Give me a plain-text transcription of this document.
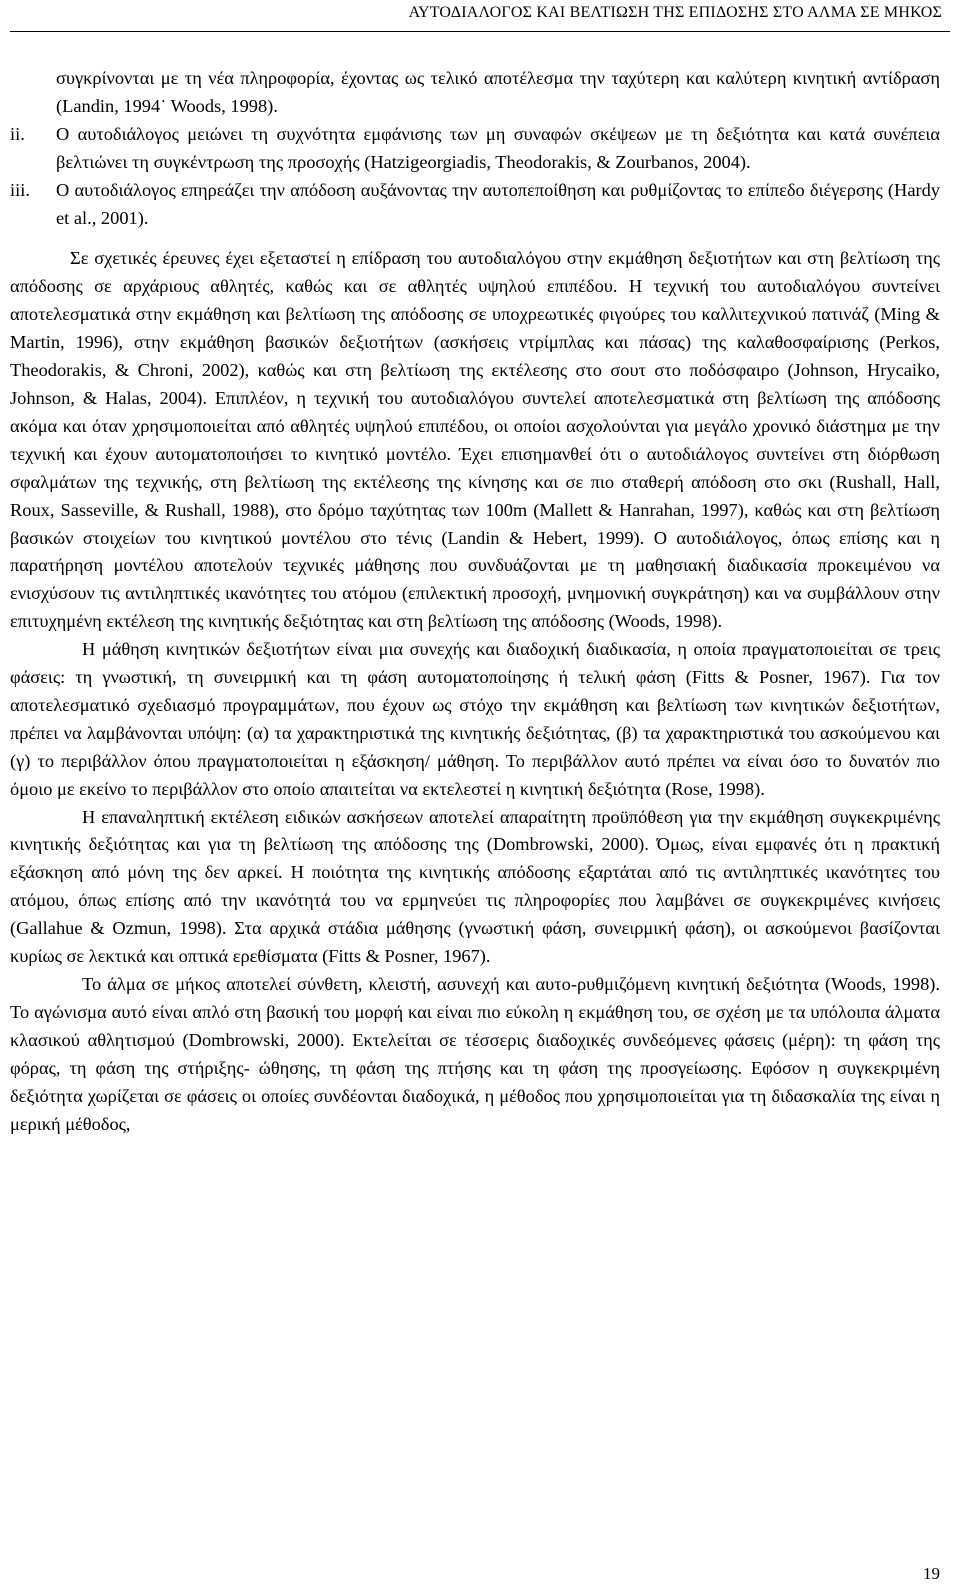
ΑΥΤΟΔΙΑΛΟΓΟΣ ΚΑΙ ΒΕΛΤΙΩΣΗ ΤΗΣ ΕΠΙΔΟΣΗΣ ΣΤΟ ΑΛΜΑ ΣΕ ΜΗΚΟΣ

συγκρίνονται με τη νέα πληροφορία, έχοντας ως τελικό αποτέλεσμα την ταχύτερη και καλύτερη κινητική αντίδραση (Landin, 1994˙ Woods, 1998).

ii.	Ο αυτοδιάλογος μειώνει τη συχνότητα εμφάνισης των μη συναφών σκέψεων με τη δεξιότητα και κατά συνέπεια βελτιώνει τη συγκέντρωση της προσοχής (Hatzigeorgiadis, Theodorakis, & Zourbanos, 2004).
iii.	Ο αυτοδιάλογος επηρεάζει την απόδοση αυξάνοντας την αυτοπεποίθηση και ρυθμίζοντας το επίπεδο διέγερσης (Hardy et al., 2001).

Σε σχετικές έρευνες έχει εξεταστεί η επίδραση του αυτοδιαλόγου στην εκμάθηση δεξιοτήτων και στη βελτίωση της απόδοσης σε αρχάριους αθλητές, καθώς και σε αθλητές υψηλού επιπέδου. Η τεχνική του αυτοδιαλόγου συντείνει αποτελεσματικά στην εκμάθηση και βελτίωση της απόδοσης σε υποχρεωτικές φιγούρες του καλλιτεχνικού πατινάζ (Ming & Martin, 1996), στην εκμάθηση βασικών δεξιοτήτων (ασκήσεις ντρίμπλας και πάσας) της καλαθοσφαίρισης (Perkos, Theodorakis, & Chroni, 2002), καθώς και στη βελτίωση της εκτέλεσης στο σουτ στο ποδόσφαιρο (Johnson, Hrycaiko, Johnson, & Halas, 2004). Επιπλέον, η τεχνική του αυτοδιαλόγου συντελεί αποτελεσματικά στη βελτίωση της απόδοσης ακόμα και όταν χρησιμοποιείται από αθλητές υψηλού επιπέδου, οι οποίοι ασχολούνται για μεγάλο χρονικό διάστημα με την τεχνική και έχουν αυτοματοποιήσει το κινητικό μοντέλο. Έχει επισημανθεί ότι ο αυτοδιάλογος συντείνει στη διόρθωση σφαλμάτων της τεχνικής, στη βελτίωση της εκτέλεσης της κίνησης και σε πιο σταθερή απόδοση στο σκι (Rushall, Hall, Roux, Sasseville, & Rushall, 1988), στο δρόμο ταχύτητας των 100m (Mallett & Hanrahan, 1997), καθώς και στη βελτίωση βασικών στοιχείων του κινητικού μοντέλου στο τένις (Landin & Hebert, 1999). Ο αυτοδιάλογος, όπως επίσης και η παρατήρηση μοντέλου αποτελούν τεχνικές μάθησης που συνδυάζονται με τη μαθησιακή διαδικασία προκειμένου να ενισχύσουν τις αντιληπτικές ικανότητες του ατόμου (επιλεκτική προσοχή, μνημονική συγκράτηση) και να συμβάλλουν στην επιτυχημένη εκτέλεση της κινητικής δεξιότητας και στη βελτίωση της απόδοσης (Woods, 1998).

Η μάθηση κινητικών δεξιοτήτων είναι μια συνεχής και διαδοχική διαδικασία, η οποία πραγματοποιείται σε τρεις φάσεις: τη γνωστική, τη συνειρμική και τη φάση αυτοματοποίησης ή τελική φάση (Fitts & Posner, 1967). Για τον αποτελεσματικό σχεδιασμό προγραμμάτων, που έχουν ως στόχο την εκμάθηση και βελτίωση των κινητικών δεξιοτήτων, πρέπει να λαμβάνονται υπόψη: (α) τα χαρακτηριστικά της κινητικής δεξιότητας, (β) τα χαρακτηριστικά του ασκούμενου και (γ) το περιβάλλον όπου πραγματοποιείται η εξάσκηση/ μάθηση. Το περιβάλλον αυτό πρέπει να είναι όσο το δυνατόν πιο όμοιο με εκείνο το περιβάλλον στο οποίο απαιτείται να εκτελεστεί η κινητική δεξιότητα (Rose, 1998).

Η επαναληπτική εκτέλεση ειδικών ασκήσεων αποτελεί απαραίτητη προϋπόθεση για την εκμάθηση συγκεκριμένης κινητικής δεξιότητας και για τη βελτίωση της απόδοσης της (Dombrowski, 2000). Όμως, είναι εμφανές ότι η πρακτική εξάσκηση από μόνη της δεν αρκεί. Η ποιότητα της κινητικής απόδοσης εξαρτάται από τις αντιληπτικές ικανότητες του ατόμου, όπως επίσης από την ικανότητά του να ερμηνεύει τις πληροφορίες που λαμβάνει σε συγκεκριμένες κινήσεις (Gallahue & Ozmun, 1998). Στα αρχικά στάδια μάθησης (γνωστική φάση, συνειρμική φάση), οι ασκούμενοι βασίζονται κυρίως σε λεκτικά και οπτικά ερεθίσματα (Fitts & Posner, 1967).

Το άλμα σε μήκος αποτελεί σύνθετη, κλειστή, ασυνεχή και αυτο-ρυθμιζόμενη κινητική δεξιότητα (Woods, 1998). Το αγώνισμα αυτό είναι απλό στη βασική του μορφή και είναι πιο εύκολη η εκμάθηση του, σε σχέση με τα υπόλοιπα άλματα κλασικού αθλητισμού (Dombrowski, 2000). Εκτελείται σε τέσσερις διαδοχικές συνδεόμενες φάσεις (μέρη): τη φάση της φόρας, τη φάση της στήριξης- ώθησης, τη φάση της πτήσης και τη φάση της προσγείωσης. Εφόσον η συγκεκριμένη δεξιότητα χωρίζεται σε φάσεις οι οποίες συνδέονται διαδοχικά, η μέθοδος που χρησιμοποιείται για τη διδασκαλία της είναι η μερική μέθοδος,

19
